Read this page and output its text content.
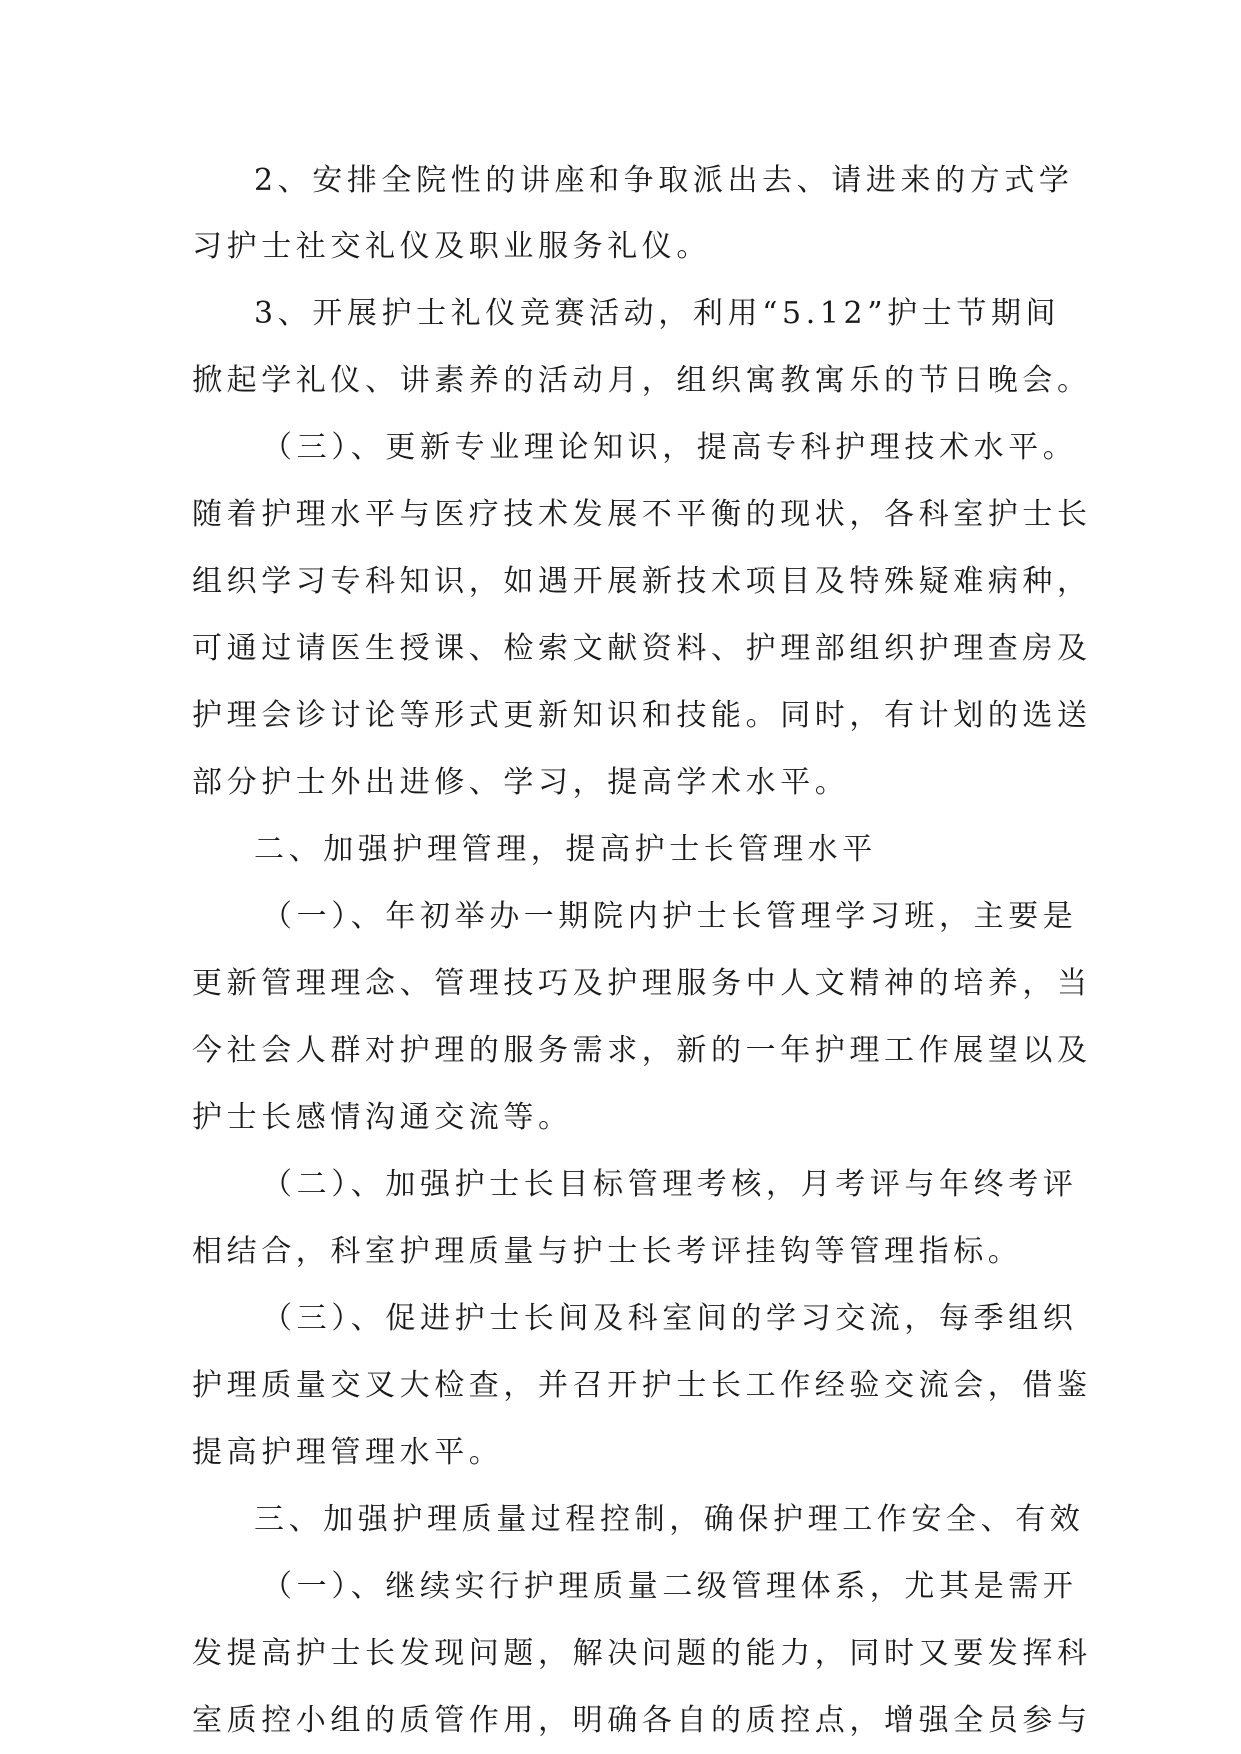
2、安排全院性的讲座和争取派出去、请进来的方式学
习护士社交礼仪及职业服务礼仪。
3、开展护士礼仪竞赛活动，利用“5.12”护士节期间
掀起学礼仪、讲素养的活动月，组织寓教寓乐的节日晚会。
（三）、更新专业理论知识，提高专科护理技术水平。
随着护理水平与医疗技术发展不平衡的现状，各科室护士长
组织学习专科知识，如遇开展新技术项目及特殊疑难病种，
可通过请医生授课、检索文献资料、护理部组织护理查房及
护理会诊讨论等形式更新知识和技能。同时，有计划的选送
部分护士外出进修、学习，提高学术水平。
二、加强护理管理，提高护士长管理水平
（一）、年初举办一期院内护士长管理学习班，主要是
更新管理理念、管理技巧及护理服务中人文精神的培养，当
今社会人群对护理的服务需求，新的一年护理工作展望以及
护士长感情沟通交流等。
（二）、加强护士长目标管理考核，月考评与年终考评
相结合，科室护理质量与护士长考评挂钩等管理指标。
（三）、促进护士长间及科室间的学习交流，每季组织
护理质量交叉大检查，并召开护士长工作经验交流会，借鉴
提高护理管理水平。
三、加强护理质量过程控制，确保护理工作安全、有效
（一）、继续实行护理质量二级管理体系，尤其是需开
发提高护士长发现问题，解决问题的能力，同时又要发挥科
室质控小组的质管作用，明确各自的质控点，增强全员参与
